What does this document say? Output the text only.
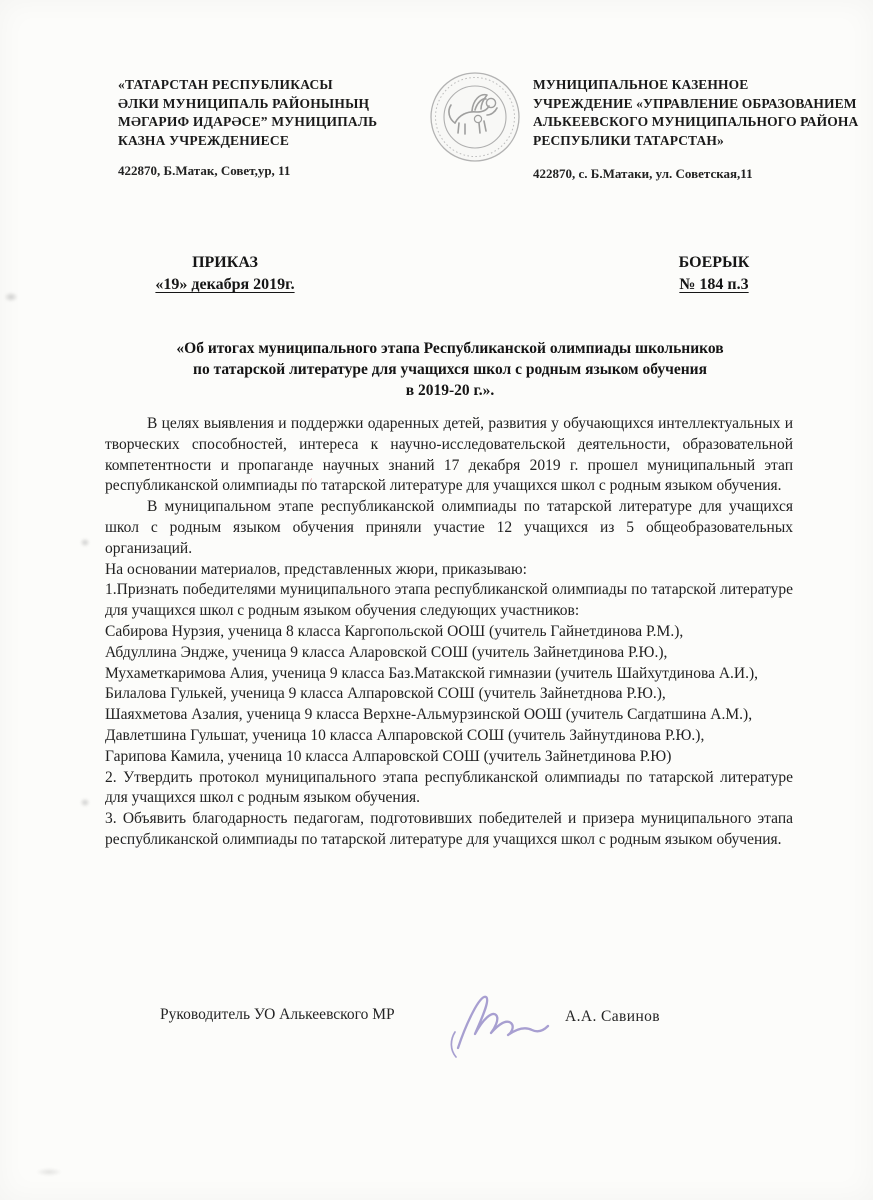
«ТАТАРСТАН РЕСПУБЛИКАСЫ
ӘЛКИ МУНИЦИПАЛЬ РАЙОНЫНЫҢ
МӘГАРИФ ИДАРӘСЕ” МУНИЦИПАЛЬ
КАЗНА УЧРЕЖДЕНИЕСЕ
МУНИЦИПАЛЬНОЕ КАЗЕННОЕ
УЧРЕЖДЕНИЕ «УПРАВЛЕНИЕ ОБРАЗОВАНИЕМ
АЛЬКЕЕВСКОГО МУНИЦИПАЛЬНОГО РАЙОНА
РЕСПУБЛИКИ ТАТАРСТАН»
422870, Б.Матак, Совет,ур, 11	422870, с. Б.Матаки, ул. Советская,11
ПРИКАЗ
«19» декабря 2019г.
БОЕРЫК
№ 184 п.3
«Об итогах муниципального этапа Республиканской олимпиады школьников
по татарской литературе для учащихся школ с родным языком обучения
в 2019-20 г.».

В целях выявления и поддержки одаренных детей, развития у обучающихся интеллектуальных и творческих способностей, интереса к научно-исследовательской деятельности, образовательной компетентности и пропаганде научных знаний 17 декабря 2019 г. прошел муниципальный этап республиканской олимпиады по татарской литературе для учащихся школ с родным языком обучения.

В муниципальном этапе республиканской олимпиады по татарской литературе для учащихся школ с родным языком обучения приняли участие 12 учащихся из 5 общеобразовательных организаций.

На основании материалов, представленных жюри, приказываю:

1.Признать победителями муниципального этапа республиканской олимпиады по татарской литературе для учащихся школ с родным языком обучения следующих участников:

Сабирова Нурзия, ученица 8 класса Каргопольской ООШ (учитель Гайнетдинова Р.М.),

Абдуллина Эндже, ученица 9 класса Аларовской СОШ (учитель Зайнетдинова Р.Ю.),

Мухаметкаримова Алия, ученица 9 класса Баз.Матакской гимназии (учитель Шайхутдинова А.И.),

Билалова Гулькей, ученица 9 класса Алпаровской СОШ (учитель Зайнетднова Р.Ю.),

Шаяхметова Азалия, ученица 9 класса Верхне-Альмурзинской ООШ (учитель Сагдатшина А.М.),

Давлетшина Гульшат, ученица 10 класса Алпаровской СОШ (учитель Зайнутдинова Р.Ю.),

Гарипова Камила, ученица 10 класса Алпаровской СОШ (учитель Зайнетдинова Р.Ю)

2. Утвердить протокол муниципального этапа республиканской олимпиады по татарской литературе для учащихся школ с родным языком обучения.

3. Объявить благодарность педагогам, подготовивших победителей и призера муниципального этапа республиканской олимпиады по татарской литературе для учащихся школ с родным языком обучения.

Руководитель УО Алькеевского МР	А.А. Савинов
